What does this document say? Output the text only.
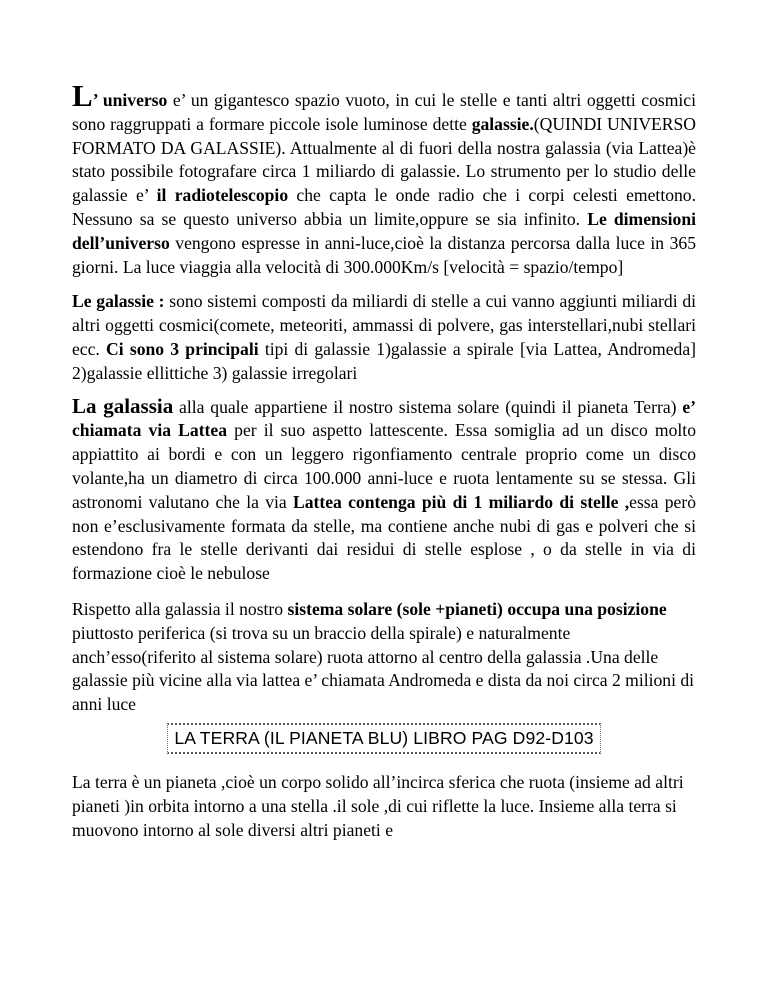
L’ universo e’ un gigantesco spazio vuoto, in cui le stelle e tanti altri oggetti cosmici sono raggruppati a formare piccole isole luminose dette galassie.(QUINDI UNIVERSO FORMATO DA GALASSIE). Attualmente al di fuori della nostra galassia (via Lattea)è stato possibile fotografare circa 1 miliardo di galassie. Lo strumento per lo studio delle galassie e’ il radiotelescopio che capta le onde radio che i corpi celesti emettono. Nessuno sa se questo universo abbia un limite,oppure se sia infinito. Le dimensioni dell’universo vengono espresse in anni-luce,cioè la distanza percorsa dalla luce in 365 giorni. La luce viaggia alla velocità di 300.000Km/s [velocità = spazio/tempo]

Le galassie : sono sistemi composti da miliardi di stelle a cui vanno aggiunti miliardi di altri oggetti cosmici(comete, meteoriti, ammassi di polvere, gas interstellari,nubi stellari ecc. Ci sono 3 principali tipi di galassie 1)galassie a spirale [via Lattea, Andromeda] 2)galassie ellittiche 3) galassie irregolari

La galassia alla quale appartiene il nostro sistema solare (quindi il pianeta Terra) e’ chiamata via Lattea per il suo aspetto lattescente. Essa somiglia ad un disco molto appiattito ai bordi e con un leggero rigonfiamento centrale proprio come un disco volante,ha un diametro di circa 100.000 anni-luce e ruota lentamente su se stessa. Gli astronomi valutano che la via Lattea contenga più di 1 miliardo di stelle ,essa però non e’esclusivamente formata da stelle, ma contiene anche nubi di gas e polveri che si estendono fra le stelle derivanti dai residui di stelle esplose , o da stelle in via di formazione cioè le nebulose

Rispetto alla galassia il nostro sistema solare (sole +pianeti) occupa una posizione piuttosto periferica (si trova su un braccio della spirale) e naturalmente anch’esso(riferito al sistema solare) ruota attorno al centro della galassia .Una delle galassie più vicine alla via lattea e’ chiamata Andromeda e dista da noi circa 2 milioni di anni luce

LA TERRA (IL PIANETA BLU) LIBRO PAG D92-D103

La terra è un pianeta ,cioè un corpo solido all’incirca sferica che ruota (insieme ad altri pianeti )in orbita intorno a una stella .il sole ,di cui riflette la luce. Insieme alla terra si muovono intorno al sole diversi altri pianeti e
